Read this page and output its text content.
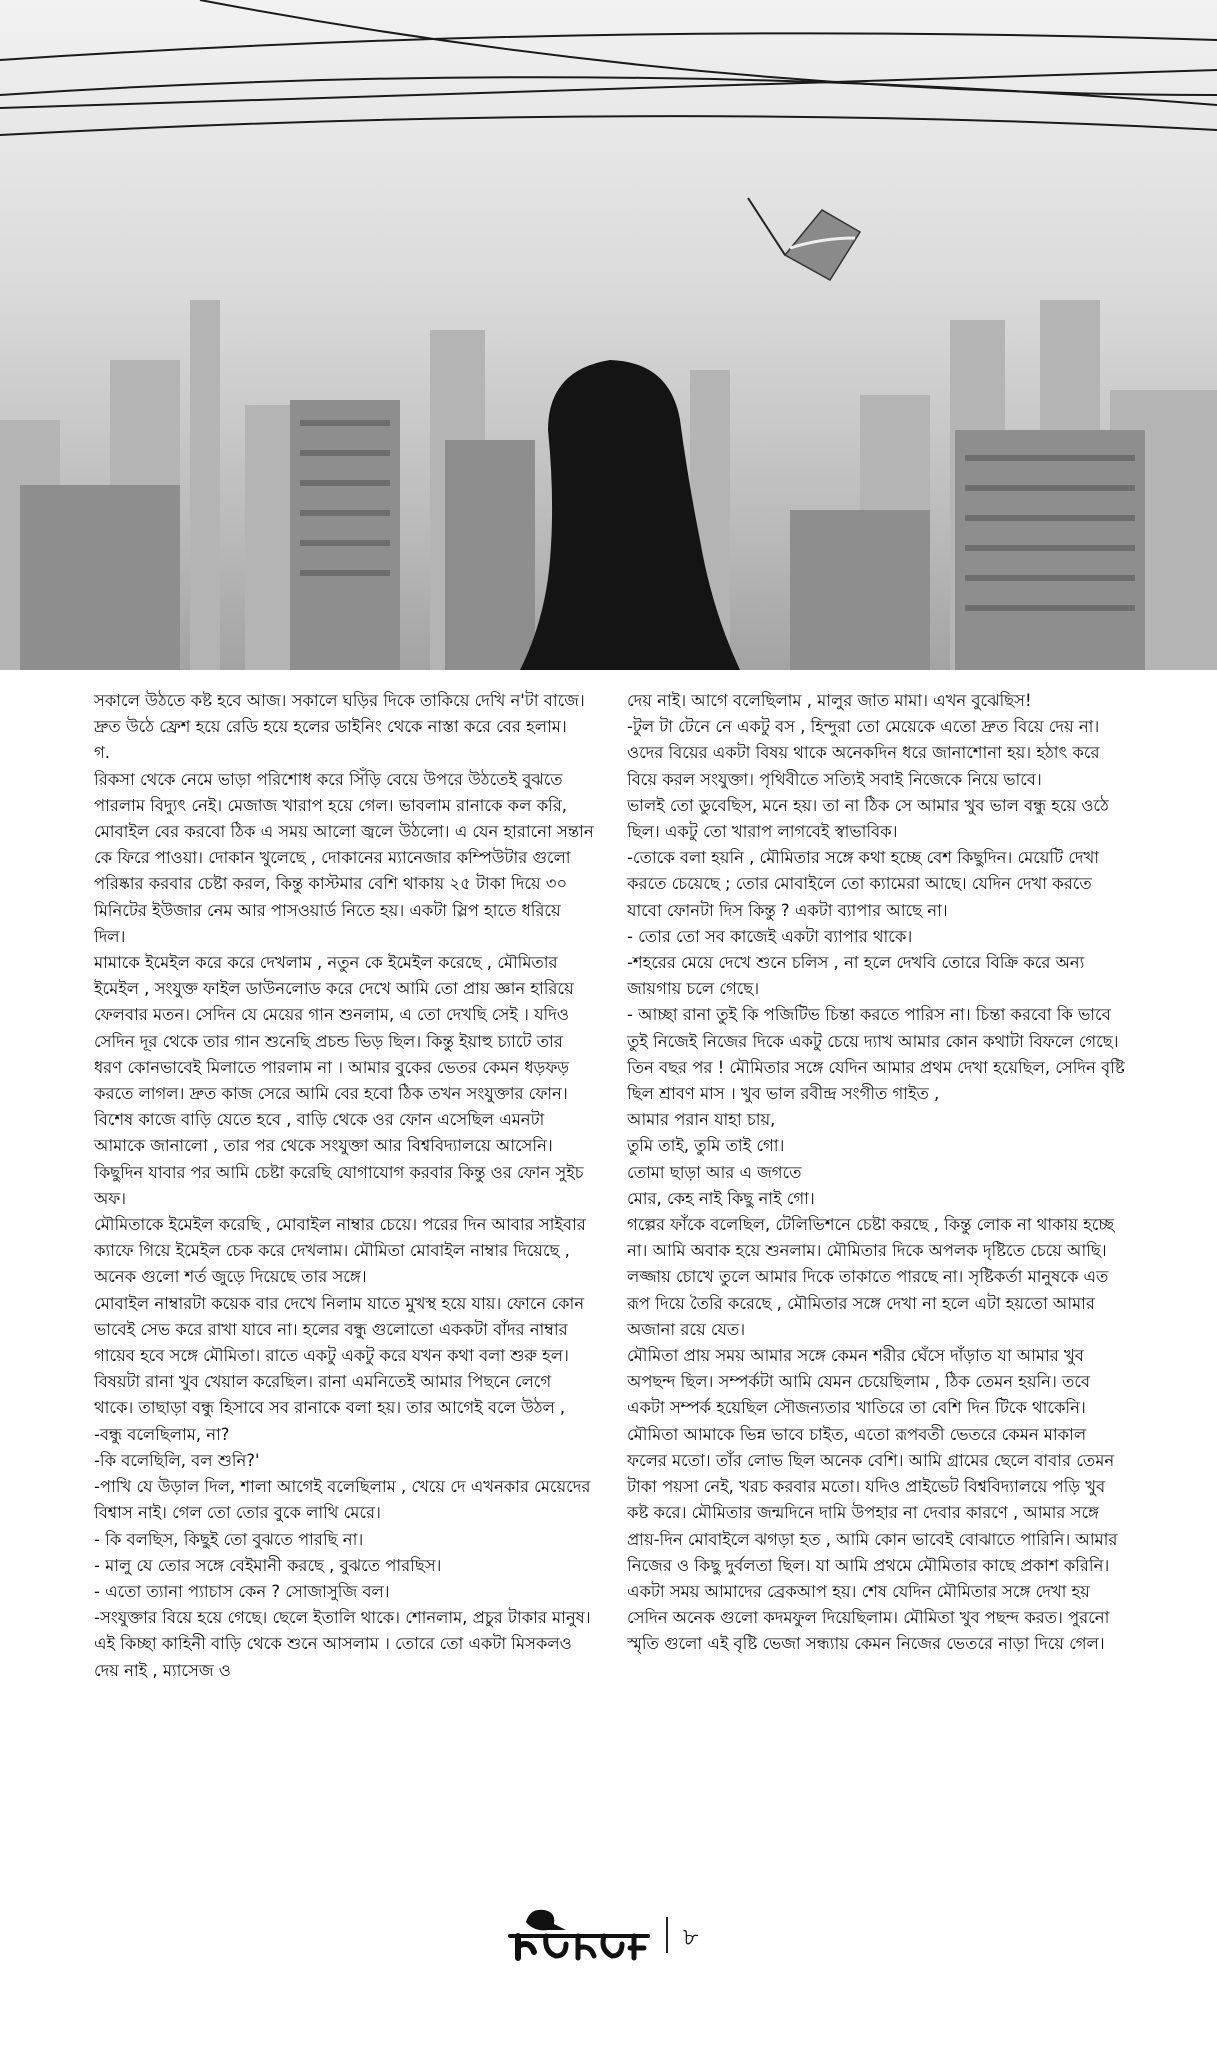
সকালে উঠতে কষ্ট হবে আজ। সকালে ঘড়ির দিকে তাকিয়ে দেখি ন'টা বাজে। দ্রুত উঠে ফ্রেশ হয়ে রেডি হয়ে হলের ডাইনিং থেকে নাস্তা করে বের হলাম।

গ.

রিকসা থেকে নেমে ভাড়া পরিশোধ করে সিঁড়ি বেয়ে উপরে উঠতেই বুঝতে পারলাম বিদ্যুৎ নেই। মেজাজ খারাপ হয়ে গেল। ভাবলাম রানাকে কল করি, মোবাইল বের করবো ঠিক এ সময় আলো জ্বলে উঠলো। এ যেন হারানো সন্তান কে ফিরে পাওয়া। দোকান খুলেছে , দোকানের ম্যানেজার কম্পিউটার গুলো পরিষ্কার করবার চেষ্টা করল, কিন্তু কাস্টমার বেশি থাকায় ২৫ টাকা দিয়ে ৩০ মিনিটের ইউজার নেম আর পাসওয়ার্ড নিতে হয়। একটা স্লিপ হাতে ধরিয়ে দিল।

মামাকে ইমেইল করে করে দেখলাম , নতুন কে ইমেইল করেছে , মৌমিতার ইমেইল , সংযুক্ত ফাইল ডাউনলোড করে দেখে আমি তো প্রায় জ্ঞান হারিয়ে ফেলবার মতন। সেদিন যে মেয়ের গান শুনলাম, এ তো দেখছি সেই । যদিও সেদিন দূর থেকে তার গান শুনেছি প্রচন্ড ভিড় ছিল। কিন্তু ইয়াহু চ্যাটে তার ধরণ কোনভাবেই মিলাতে পারলাম না । আমার বুকের ভেতর কেমন ধড়ফড় করতে লাগল। দ্রুত কাজ সেরে আমি বের হবো ঠিক তখন সংযুক্তার ফোন।

বিশেষ কাজে বাড়ি যেতে হবে , বাড়ি থেকে ওর ফোন এসেছিল এমনটা আমাকে জানালো , তার পর থেকে সংযুক্তা আর বিশ্ববিদ্যালয়ে আসেনি। কিছুদিন যাবার পর আমি চেষ্টা করেছি যোগাযোগ করবার কিন্তু ওর ফোন সুইচ অফ।

মৌমিতাকে ইমেইল করেছি , মোবাইল নাম্বার চেয়ে। পরের দিন আবার সাইবার ক্যাফে গিয়ে ইমেইল চেক করে দেখলাম। মৌমিতা মোবাইল নাম্বার দিয়েছে , অনেক গুলো শর্ত জুড়ে দিয়েছে তার সঙ্গে।

মোবাইল নাম্বারটা কয়েক বার দেখে নিলাম যাতে মুখস্থ হয়ে যায়। ফোনে কোন ভাবেই সেভ করে রাখা যাবে না। হলের বন্ধু গুলোতো এককটা বাঁদর নাম্বার গায়েব হবে সঙ্গে মৌমিতা। রাতে একটু একটু করে যখন কথা বলা শুরু হল। বিষয়টা রানা খুব খেয়াল করেছিল। রানা এমনিতেই আমার পিছনে লেগে থাকে। তাছাড়া বন্ধু হিসাবে সব রানাকে বলা হয়। তার আগেই বলে উঠল ,

-বন্ধু বলেছিলাম, না?

-কি বলেছিলি, বল শুনি?'

-পাখি যে উড়াল দিল, শালা আগেই বলেছিলাম , খেয়ে দে এখনকার মেয়েদের বিশ্বাস নাই। গেল তো তোর বুকে লাথি মেরে।

- কি বলছিস, কিছুই তো বুঝতে পারছি না।

- মালু যে তোর সঙ্গে বেইমানী করছে , বুঝতে পারছিস।

- এতো ত্যানা প্যাচাস কেন ? সোজাসুজি বল।

-সংযুক্তার বিয়ে হয়ে গেছে। ছেলে ইতালি থাকে। শোনলাম, প্রচুর টাকার মানুষ। এই কিচ্ছা কাহিনী বাড়ি থেকে শুনে আসলাম । তোরে তো একটা মিসকলও দেয় নাই , ম্যাসেজ ও

দেয় নাই। আগে বলেছিলাম , মালুর জাত মামা। এখন বুঝেছিস!

-টুল টা টেনে নে একটু বস , হিন্দুরা তো মেয়েকে এতো দ্রুত বিয়ে দেয় না। ওদের বিয়ের একটা বিষয় থাকে অনেকদিন ধরে জানাশোনা হয়। হঠাৎ করে বিয়ে করল সংযুক্তা। পৃথিবীতে সত্যিই সবাই নিজেকে নিয়ে ভাবে।

ভালই তো ডুবেছিস, মনে হয়। তা না ঠিক সে আমার খুব ভাল বন্ধু হয়ে ওঠে ছিল। একটু তো খারাপ লাগবেই স্বাভাবিক।

-তোকে বলা হয়নি , মৌমিতার সঙ্গে কথা হচ্ছে বেশ কিছুদিন। মেয়েটি দেখা করতে চেয়েছে ; তোর মোবাইলে তো ক্যামেরা আছে। যেদিন দেখা করতে যাবো ফোনটা দিস কিন্তু ? একটা ব্যাপার আছে না।

- তোর তো সব কাজেই একটা ব্যাপার থাকে।

-শহরের মেয়ে দেখে শুনে চলিস , না হলে দেখবি তোরে বিক্রি করে অন্য জায়গায় চলে গেছে।

- আচ্ছা রানা তুই কি পজিটিভ চিন্তা করতে পারিস না। চিন্তা করবো কি ভাবে তুই নিজেই নিজের দিকে একটু চেয়ে দ্যাখ আমার কোন কথাটা বিফলে গেছে।

তিন বছর পর ! মৌমিতার সঙ্গে যেদিন আমার প্রথম দেখা হয়েছিল, সেদিন বৃষ্টি ছিল শ্রাবণ মাস । খুব ভাল রবীন্দ্র সংগীত গাইত ,

আমার পরান যাহা চায়,

তুমি তাই, তুমি তাই গো।

তোমা ছাড়া আর এ জগতে

মোর, কেহ নাই কিছু নাই গো।

গল্পের ফাঁকে বলেছিল, টেলিভিশনে চেষ্টা করছে , কিন্তু লোক না থাকায় হচ্ছে না। আমি অবাক হয়ে শুনলাম। মৌমিতার দিকে অপলক দৃষ্টিতে চেয়ে আছি। লজ্জায় চোখে তুলে আমার দিকে তাকাতে পারছে না। সৃষ্টিকর্তা মানুষকে এত রূপ দিয়ে তৈরি করেছে , মৌমিতার সঙ্গে দেখা না হলে এটা হয়তো আমার অজানা রয়ে যেত।

মৌমিতা প্রায় সময় আমার সঙ্গে কেমন শরীর ঘেঁসে দাঁড়াত যা আমার খুব অপছন্দ ছিল। সম্পর্কটা আমি যেমন চেয়েছিলাম , ঠিক তেমন হয়নি। তবে একটা সম্পর্ক হয়েছিল সৌজন্যতার খাতিরে তা বেশি দিন টিকে থাকেনি।মৌমিতা আমাকে ভিন্ন ভাবে চাইত, এতো রূপবতী ভেতরে কেমন মাকাল ফলের মতো। তাঁর লোভ ছিল অনেক বেশি। আমি গ্রামের ছেলে বাবার তেমন টাকা পয়সা নেই, খরচ করবার মতো। যদিও প্রাইভেট বিশ্ববিদ্যালয়ে পড়ি খুব কষ্ট করে। মৌমিতার জন্মদিনে দামি উপহার না দেবার কারণে , আমার সঙ্গে প্রায়-দিন মোবাইলে ঝগড়া হত , আমি কোন ভাবেই বোঝাতে পারিনি। আমার নিজের ও কিছু দুর্বলতা ছিল। যা আমি প্রথমে মৌমিতার কাছে প্রকাশ করিনি। একটা সময় আমাদের ব্রেকআপ হয়। শেষ যেদিন মৌমিতার সঙ্গে দেখা হয় সেদিন অনেক গুলো কদমফুল দিয়েছিলাম। মৌমিতা খুব পছন্দ করত। পুরনো স্মৃতি গুলো এই বৃষ্টি ভেজা সন্ধ্যায় কেমন নিজের ভেতরে নাড়া দিয়ে গেল।

৮
